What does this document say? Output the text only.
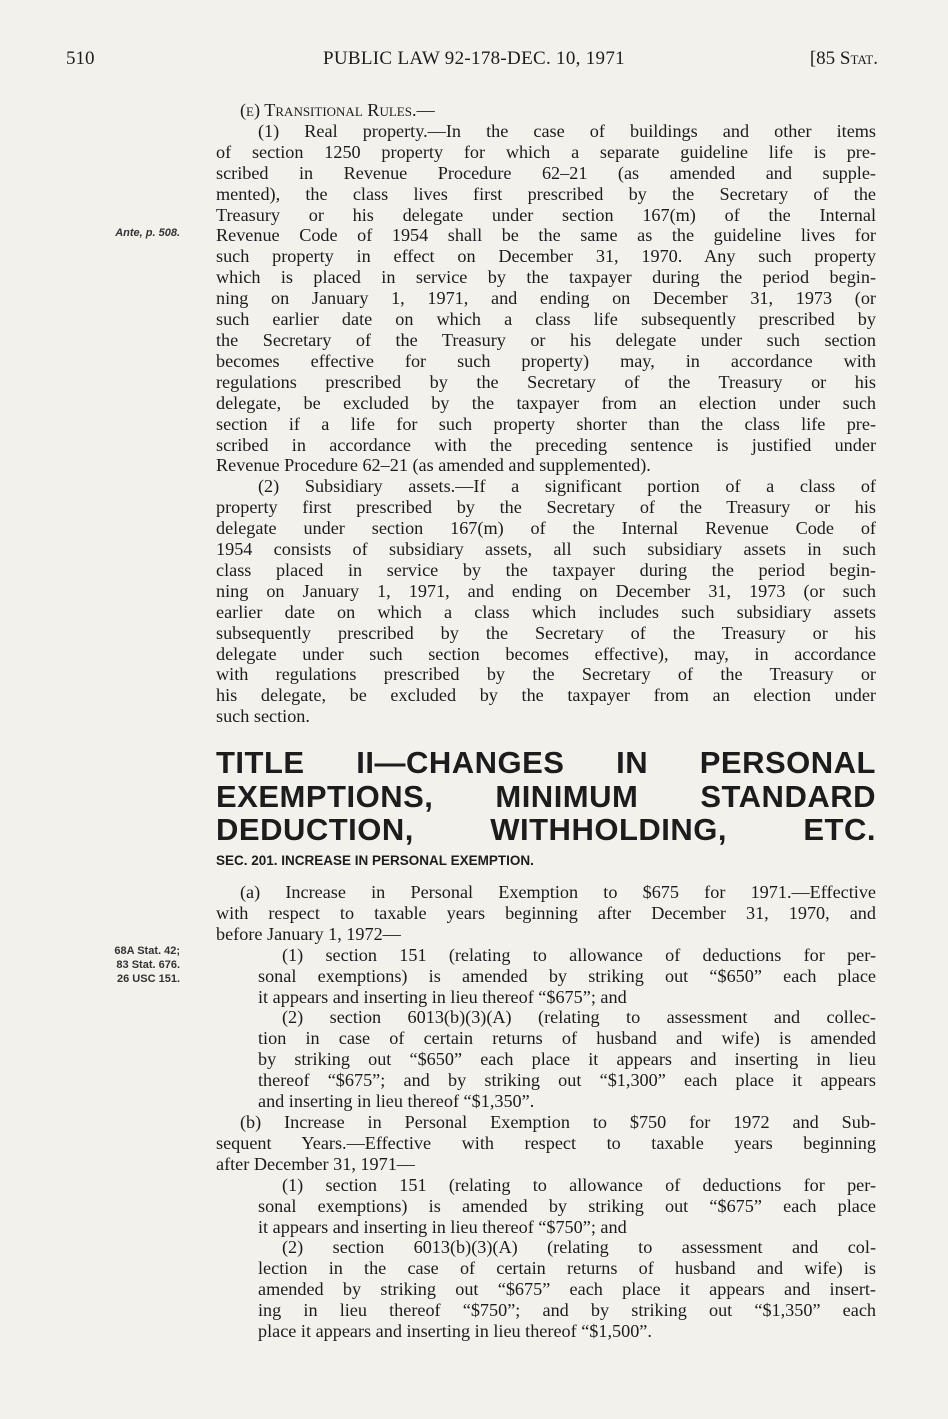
510	PUBLIC LAW 92-178-DEC. 10, 1971	[85 Stat.
Ante, p. 508.
68A Stat. 42;
83 Stat. 676.
26 USC 151.

(e) Transitional Rules.—

(1) Real property.—In the case of buildings and other items
of section 1250 property for which a separate guideline life is pre-
scribed in Revenue Procedure 62–21 (as amended and supple-
mented), the class lives first prescribed by the Secretary of the
Treasury or his delegate under section 167(m) of the Internal
Revenue Code of 1954 shall be the same as the guideline lives for
such property in effect on December 31, 1970. Any such property
which is placed in service by the taxpayer during the period begin-
ning on January 1, 1971, and ending on December 31, 1973 (or
such earlier date on which a class life subsequently prescribed by
the Secretary of the Treasury or his delegate under such section
becomes effective for such property) may, in accordance with
regulations prescribed by the Secretary of the Treasury or his
delegate, be excluded by the taxpayer from an election under such
section if a life for such property shorter than the class life pre-
scribed in accordance with the preceding sentence is justified under
Revenue Procedure 62–21 (as amended and supplemented).
(2) Subsidiary assets.—If a significant portion of a class of
property first prescribed by the Secretary of the Treasury or his
delegate under section 167(m) of the Internal Revenue Code of
1954 consists of subsidiary assets, all such subsidiary assets in such
class placed in service by the taxpayer during the period begin-
ning on January 1, 1971, and ending on December 31, 1973 (or such
earlier date on which a class which includes such subsidiary assets
subsequently prescribed by the Secretary of the Treasury or his
delegate under such section becomes effective), may, in accordance
with regulations prescribed by the Secretary of the Treasury or
his delegate, be excluded by the taxpayer from an election under
such section.
TITLE II—CHANGES IN PERSONAL
EXEMPTIONS, MINIMUM STANDARD
DEDUCTION, WITHHOLDING, ETC.
SEC. 201. INCREASE IN PERSONAL EXEMPTION.
(a) Increase in Personal Exemption to $675 for 1971.—Effective
with respect to taxable years beginning after December 31, 1970, and
before January 1, 1972—
(1) section 151 (relating to allowance of deductions for per-
sonal exemptions) is amended by striking out “$650” each place
it appears and inserting in lieu thereof “$675”; and
(2) section 6013(b)(3)(A) (relating to assessment and collec-
tion in case of certain returns of husband and wife) is amended
by striking out “$650” each place it appears and inserting in lieu
thereof “$675”; and by striking out “$1,300” each place it appears
and inserting in lieu thereof “$1,350”.
(b) Increase in Personal Exemption to $750 for 1972 and Sub-
sequent Years.—Effective with respect to taxable years beginning
after December 31, 1971—
(1) section 151 (relating to allowance of deductions for per-
sonal exemptions) is amended by striking out “$675” each place
it appears and inserting in lieu thereof “$750”; and
(2) section 6013(b)(3)(A) (relating to assessment and col-
lection in the case of certain returns of husband and wife) is
amended by striking out “$675” each place it appears and insert-
ing in lieu thereof “$750”; and by striking out “$1,350” each
place it appears and inserting in lieu thereof “$1,500”.
